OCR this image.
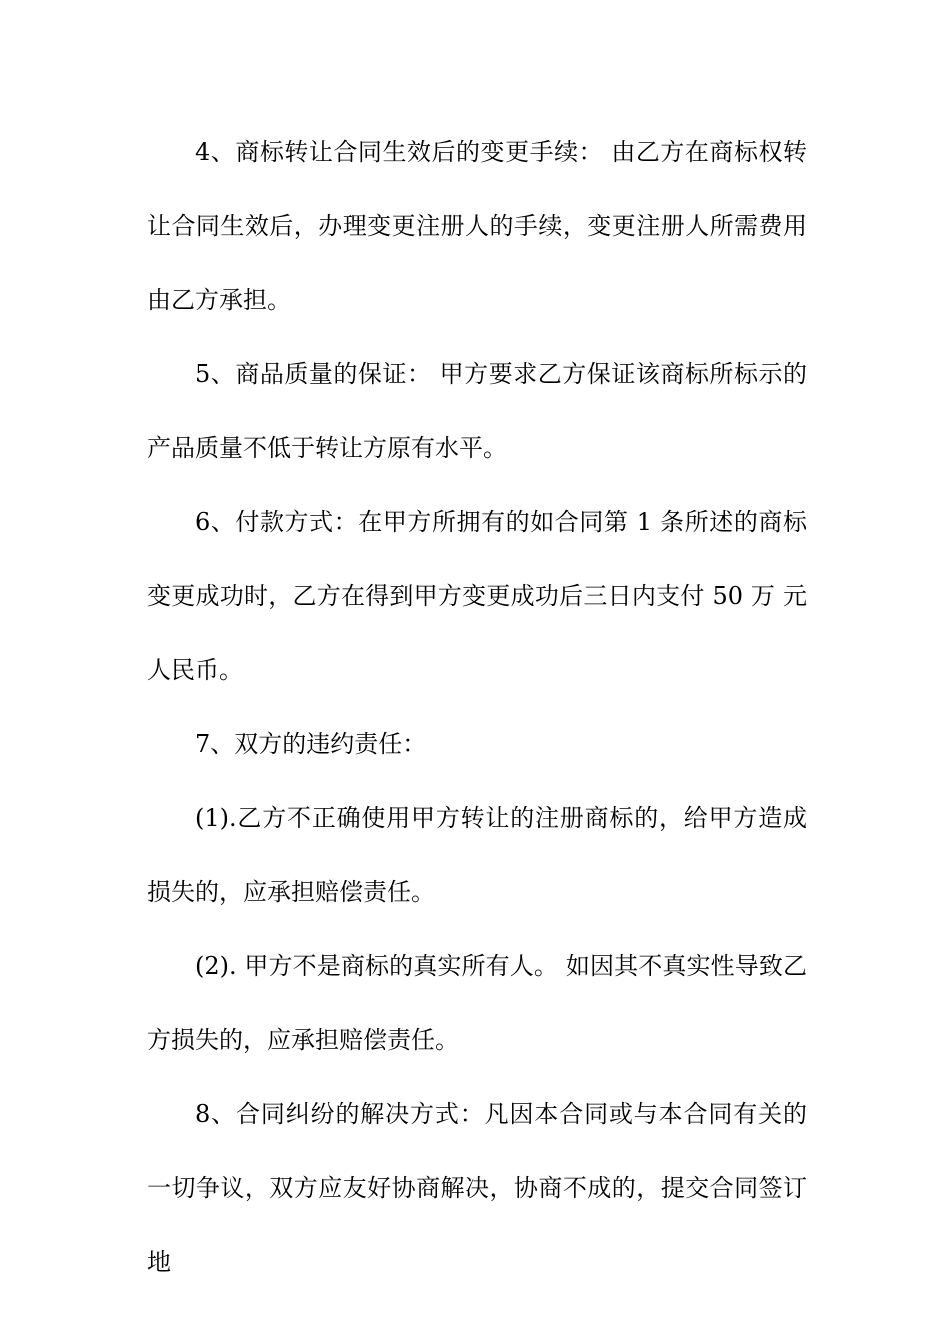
4、商标转让合同生效后的变更手续： 由乙方在商标权转让合同生效后，办理变更注册人的手续，变更注册人所需费用由乙方承担。

5、商品质量的保证： 甲方要求乙方保证该商标所标示的产品质量不低于转让方原有水平。

6、付款方式：在甲方所拥有的如合同第 1 条所述的商标变更成功时，乙方在得到甲方变更成功后三日内支付 50 万 元人民币。

7、双方的违约责任：

(1).乙方不正确使用甲方转让的注册商标的，给甲方造成损失的，应承担赔偿责任。

(2). 甲方不是商标的真实所有人。 如因其不真实性导致乙方损失的，应承担赔偿责任。

8、合同纠纷的解决方式：凡因本合同或与本合同有关的一切争议，双方应友好协商解决，协商不成的，提交合同签订地
